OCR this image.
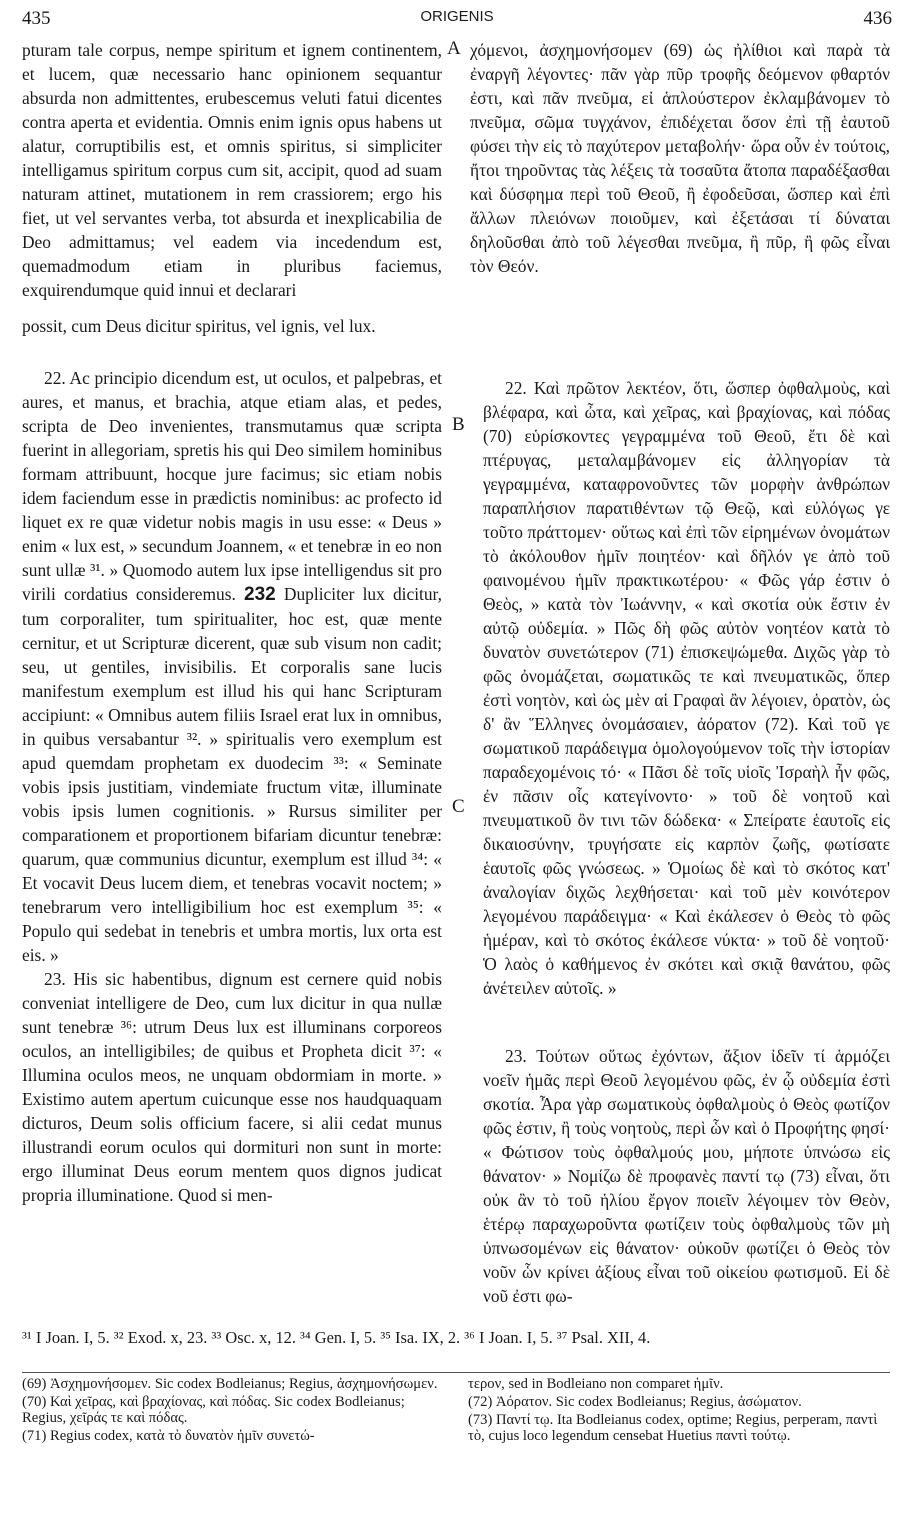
435	ORIGENIS	436

pturam tale corpus, nempe spiritum et ignem continentem, et lucem, quæ necessario hanc opinionem sequantur absurda non admittentes, erubescemus veluti fatui dicentes contra aperta et evidentia. Omnis enim ignis opus habens ut alatur, corruptibilis est, et omnis spiritus, si simpliciter intelligamus spiritum corpus cum sit, accipit, quod ad suam naturam attinet, mutationem in rem crassiorem; ergo his fiet, ut vel servantes verba, tot absurda et inexplicabilia de Deo admittamus; vel eadem via incedendum est, quemadmodum etiam in pluribus faciemus, exquirendumque quid innui et declarari

A χόμενοι, ἀσχημονήσομεν (69) ὡς ἠλίθιοι καὶ παρὰ τὰ ἐναργῆ λέγοντες· πᾶν γὰρ πῦρ τροφῆς δεόμενον φθαρτόν ἐστι, καὶ πᾶν πνεῦμα, εἰ ἁπλούστερον ἐκλαμβάνομεν τὸ πνεῦμα, σῶμα τυγχάνον, ἐπιδέχεται ὅσον ἐπὶ τῇ ἑαυτοῦ φύσει τὴν εἰς τὸ παχύτερον μεταβολήν· ὥρα οὖν ἐν τούτοις, ἤτοι τηροῦντας τὰς λέξεις τὰ τοσαῦτα ἄτοπα παραδέξασθαι καὶ δύσφημα περὶ τοῦ Θεοῦ, ἢ ἐφοδεῦσαι, ὥσπερ καὶ ἐπὶ ἄλλων πλειόνων ποιοῦμεν, καὶ ἐξετάσαι τί δύναται δηλοῦσθαι ἀπὸ τοῦ λέγεσθαι πνεῦμα, ἢ πῦρ, ἢ φῶς εἶναι τὸν Θεόν.

possit, cum Deus dicitur spiritus, vel ignis, vel lux.

22. Ac principio dicendum est, ut oculos, et palpebras, et aures, et manus, et brachia, atque etiam alas, et pedes, scripta de Deo invenientes, transmutamus quæ scripta fuerint in allegoriam, spretis his qui Deo similem hominibus formam attribuunt, hocque jure facimus; sic etiam nobis idem faciendum esse in prædictis nominibus: ac profecto id liquet ex re quæ videtur nobis magis in usu esse: « Deus » enim « lux est, » secundum Joannem, « et tenebræ in eo non sunt ullæ ³¹. » Quomodo autem lux ipse intelligendus sit pro virili cordatius consideremus. 232 Dupliciter lux dicitur, tum corporaliter, tum spiritualiter, hoc est, quæ mente cernitur, et ut Scripturæ dicerent, quæ sub visum non cadit; seu, ut gentiles, invisibilis. Et corporalis sane lucis manifestum exemplum est illud his qui hanc Scripturam accipiunt: « Omnibus autem filiis Israel erat lux in omnibus, in quibus versabantur ³². » spiritualis vero exemplum est apud quemdam prophetam ex duodecim ³³: « Seminate vobis ipsis justitiam, vindemiate fructum vitæ, illuminate vobis ipsis lumen cognitionis. » Rursus similiter per comparationem et proportionem bifariam dicuntur tenebræ: quarum, quæ communius dicuntur, exemplum est illud ³⁴: « Et vocavit Deus lucem diem, et tenebras vocavit noctem; » tenebrarum vero intelligibilium hoc est exemplum ³⁵: « Populo qui sedebat in tenebris et umbra mortis, lux orta est eis. »

23. His sic habentibus, dignum est cernere quid nobis conveniat intelligere de Deo, cum lux dicitur in qua nullæ sunt tenebræ ³⁶: utrum Deus lux est illuminans corporeos oculos, an intelligibiles; de quibus et Propheta dicit ³⁷: « Illumina oculos meos, ne unquam obdormiam in morte. » Existimo autem apertum cuicunque esse nos haudquaquam dicturos, Deum solis officium facere, si alii cedat munus illustrandi eorum oculos qui dormituri non sunt in morte: ergo illuminat Deus eorum mentem quos dignos judicat propria illuminatione. Quod si men-

B
C

22. Καὶ πρῶτον λεκτέον, ὅτι, ὥσπερ ὀφθαλμοὺς, καὶ βλέφαρα, καὶ ὦτα, καὶ χεῖρας, καὶ βραχίονας, καὶ πόδας (70) εὑρίσκοντες γεγραμμένα τοῦ Θεοῦ, ἔτι δὲ καὶ πτέρυγας, μεταλαμβάνομεν εἰς ἀλληγορίαν τὰ γεγραμμένα, καταφρονοῦντες τῶν μορφὴν ἀνθρώπων παραπλήσιον παρατιθέντων τῷ Θεῷ, καὶ εὐλόγως γε τοῦτο πράττομεν· οὕτως καὶ ἐπὶ τῶν εἰρημένων ὀνομάτων τὸ ἀκόλουθον ἡμῖν ποιητέον· καὶ δῆλόν γε ἀπὸ τοῦ φαινομένου ἡμῖν πρακτικωτέρου· « Φῶς γάρ ἐστιν ὁ Θεὸς, » κατὰ τὸν Ἰωάννην, « καὶ σκοτία οὐκ ἔστιν ἐν αὐτῷ οὐδεμία. » Πῶς δὴ φῶς αὐτὸν νοητέον κατὰ τὸ δυνατὸν συνετώτερον (71) ἐπισκεψώμεθα. Διχῶς γὰρ τὸ φῶς ὀνομάζεται, σωματικῶς τε καὶ πνευματικῶς, ὅπερ ἐστὶ νοητὸν, καὶ ὡς μὲν αἱ Γραφαὶ ἂν λέγοιεν, ὁρατὸν, ὡς δ' ἂν Ἕλληνες ὀνομάσαιεν, ἀόρατον (72). Καὶ τοῦ γε σωματικοῦ παράδειγμα ὁμολογούμενον τοῖς τὴν ἱστορίαν παραδεχομένοις τό· « Πᾶσι δὲ τοῖς υἱοῖς Ἰσραὴλ ἦν φῶς, ἐν πᾶσιν οἷς κατεγίνοντο· » τοῦ δὲ νοητοῦ καὶ πνευματικοῦ ὂν τινι τῶν δώδεκα· « Σπείρατε ἑαυτοῖς εἰς δικαιοσύνην, τρυγήσατε εἰς καρπὸν ζωῆς, φωτίσατε ἑαυτοῖς φῶς γνώσεως. » Ὁμοίως δὲ καὶ τὸ σκότος κατ' ἀναλογίαν διχῶς λεχθήσεται· καὶ τοῦ μὲν κοινότερον λεγομένου παράδειγμα· « Καὶ ἐκάλεσεν ὁ Θεὸς τὸ φῶς ἡμέραν, καὶ τὸ σκότος ἐκάλεσε νύκτα· » τοῦ δὲ νοητοῦ· Ὁ λαὸς ὁ καθήμενος ἐν σκότει καὶ σκιᾷ θανάτου, φῶς ἀνέτειλεν αὐτοῖς. »

23. Τούτων οὕτως ἐχόντων, ἄξιον ἰδεῖν τί ἁρμόζει νοεῖν ἡμᾶς περὶ Θεοῦ λεγομένου φῶς, ἐν ᾧ οὐδεμία ἐστὶ σκοτία. Ἆρα γὰρ σωματικοὺς ὀφθαλμοὺς ὁ Θεὸς φωτίζον φῶς ἐστιν, ἢ τοὺς νοητοὺς, περὶ ὧν καὶ ὁ Προφήτης φησί· « Φώτισον τοὺς ὀφθαλμούς μου, μήποτε ὑπνώσω εἰς θάνατον· » Νομίζω δὲ προφανὲς παντί τῳ (73) εἶναι, ὅτι οὐκ ἂν τὸ τοῦ ἡλίου ἔργον ποιεῖν λέγοιμεν τὸν Θεὸν, ἑτέρῳ παραχωροῦντα φωτίζειν τοὺς ὀφθαλμοὺς τῶν μὴ ὑπνωσομένων εἰς θάνατον· οὐκοῦν φωτίζει ὁ Θεὸς τὸν νοῦν ὧν κρίνει ἀξίους εἶναι τοῦ οἰκείου φωτισμοῦ. Εἰ δὲ νοῦ ἐστι φω-

³¹ I Joan. I, 5. ³² Exod. x, 23. ³³ Osc. x, 12. ³⁴ Gen. I, 5. ³⁵ Isa. IX, 2. ³⁶ I Joan. I, 5. ³⁷ Psal. XII, 4.

(69) Ἀσχημονήσομεν. Sic codex Bodleianus; Regius, ἀσχημονήσωμεν.

(70) Καὶ χεῖρας, καὶ βραχίονας, καὶ πόδας. Sic codex Bodleianus; Regius, χεῖράς τε καὶ πόδας.

(71) Regius codex, κατὰ τὸ δυνατὸν ἡμῖν συνετώ-

τερον, sed in Bodleiano non comparet ἡμῖν.

(72) Ἀόρατον. Sic codex Bodleianus; Regius, ἀσώματον.

(73) Παντί τῳ. Ita Bodleianus codex, optime; Regius, perperam, παντὶ τὸ, cujus loco legendum censebat Huetius παντὶ τούτῳ.
